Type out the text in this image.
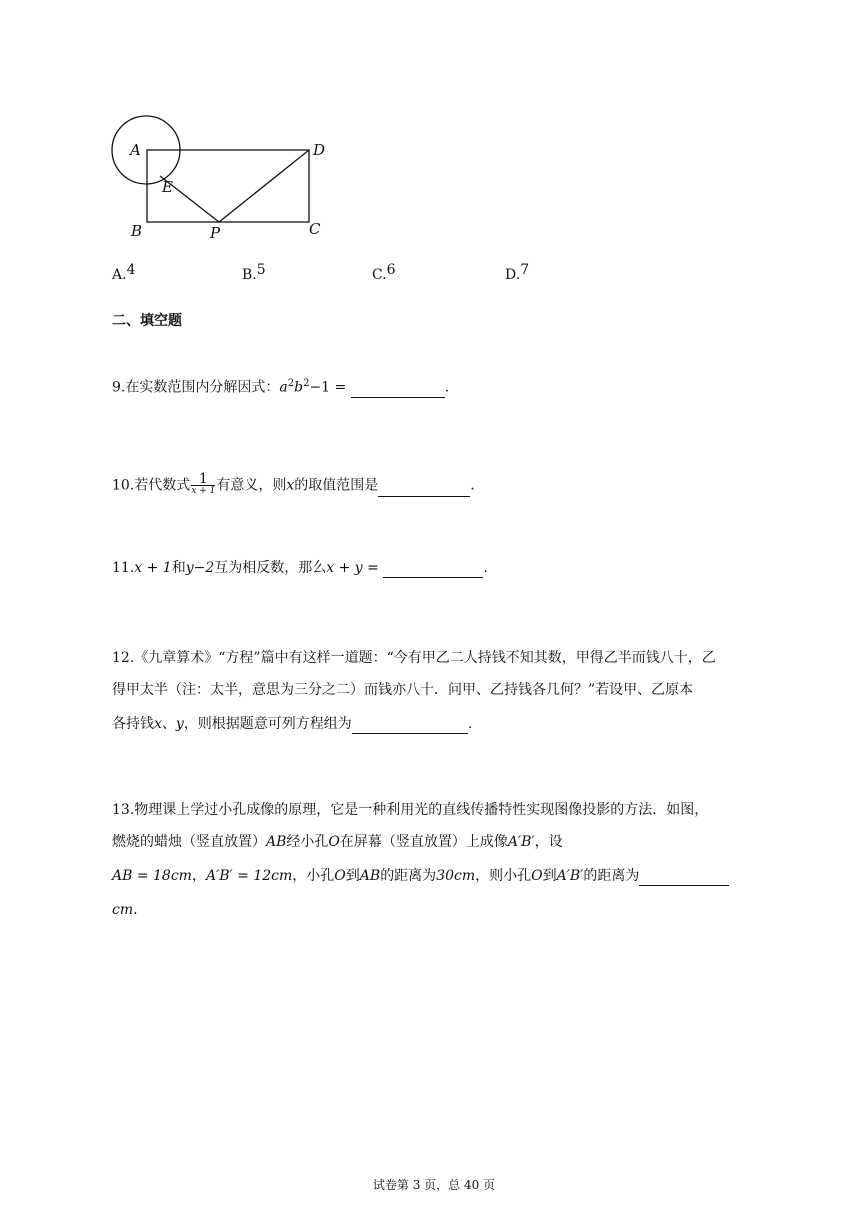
A	D
E
B	P	C
A.4	B.5	C.6	D.7
二、填空题
9.在实数范围内分解因式：$a^2b^2-1$ =	.
10.若代数式 1
x + 1 有意义，则x的取值范围是	.
11.x + 1和y−2互为相反数，那么x + y =	.
12.《九章算术》“方程”篇中有这样一道题：“今有甲乙二人持钱不知其数，甲得乙半而钱八十，乙
得甲太半（注：太半，意思为三分之二）而钱亦八十．问甲、乙持钱各几何？”若设甲、乙原本
各持钱x、y，则根据题意可列方程组为	.
13.物理课上学过小孔成像的原理，它是一种利用光的直线传播特性实现图像投影的方法．如图，
燃烧的蜡烛（竖直放置）AB经小孔O在屏幕（竖直放置）上成像A′B′，设
AB = 18cm，A′B′ = 12cm，小孔O到AB的距离为30cm，则小孔O到A′B′的距离为
cm.
试卷第 3 页，总 40 页
